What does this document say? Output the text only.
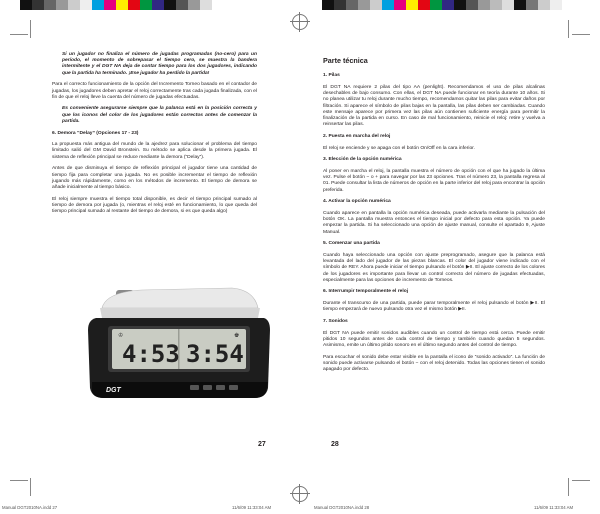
Si un jugador no finaliza el número de jugadas programadas (no-cero) para un período, el momento de sobrepasar el tiempo cero, se muestra la bandera intermitente y el DGT NA deja de contar tiempo para los dos jugadores, indicando que la partida ha terminado. ¡Ese jugador ha perdido la partida!

Para el correcto funcionamiento de la opción del Incremento Torneo basado en el contador de jugadas, los jugadores deben apretar el reloj correctamente tras cada jugada finalizada, con el fin de que el reloj lleve la cuenta del número de jugadas efectuadas.

Es conveniente asegurarse siempre que la palanca está en la posición correcta y que los iconos del color de los jugadores están correctos antes de comenzar la partida.

6. Demora “Delay” (Opciones 17 - 23)

La propuesta más antigua del mundo de la ajedrez para solucionar el problema del tiempo limitado salió del GM David Bronstein. Su método se aplica desde la primera jugada. El sistema de reflexión principal se reduce mediante la demora (“Delay”).

Antes de que disminuya el tiempo de reflexión principal el jugador tiene una cantidad de tiempo fija para completar una jugada. No es posible incrementar el tiempo de reflexión jugando más rápidamente, como en los métodos de incremento. El tiempo de demora se añade inicialmente al tiempo básico.

El reloj siempre muestra el tiempo total disponible, es decir el tiempo principal sumado al tiempo de demora por jugada (o, mientras el reloj esté en funcionamiento, lo que queda del tiempo principal sumado al restante del tiempo de demora, si es que queda algo)

♔	♚
4:53 3:54
DGT
27
Parte técnica

1. Pilas

El DGT NA requiere 2 pilas del tipo AA (penlight). Recomendamos el uso de pilas alcalinas desechables de bajo consumo. Con ellas, el DGT NA puede funcionar en teoría durante 10 años. Si no planea utilizar tu reloj durante mucho tiempo, recomendamos quitar las pilas para evitar daños por filtración. Si aparece el símbolo de pilas bajas en la pantalla, las pilas deben ser cambiadas. Cuando este mensaje aparece por primera vez las pilas aún contienen suficiente energía para permitir la finalización de la partida en curso. En caso de mal funcionamiento, reinicie el reloj: retire y vuelva a reinsertar las pilas.

2. Puesta en marcha del reloj

El reloj se enciende y se apaga con el botón On/Off en la cara inferior.

3. Elección de la opción numérica

Al poner en marcha el reloj, la pantalla muestra el número de opción con el que ha jugado la última vez. Pulse el botón − o + para navegar por las 23 opciones. Tras el número 23, la pantalla regresa al 01. Puede consultar la lista de números de opción en la parte inferior del reloj para encontrar la opción preferida.

4. Activar la opción numérica

Cuando aparece en pantalla la opción numérica deseada, puede activarla mediante la pulsación del botón OK. La pantalla muestra entonces el tiempo inicial por defecto para esta opción. Ya puede empezar la partida. Si ha seleccionado una opción de ajuste manual, consulte el apartado 9, Ajuste Manual.

5. Comenzar una partida

Cuando haya seleccionado una opción con ajuste preprogramado, asegure que la palanca está levantada del lado del jugador de las piezas blancas. El color del jugador viene indicado con el símbolo de REY. Ahora puede iniciar el tiempo pulsando el botón ▶II. El ajuste correcto de los colores de los jugadores es importante para llevar un control correcto del número de jugadas efectuadas, especialmente para las opciones de incremento de Torneos.

6. Interrumpir temporalmente el reloj

Durante el transcurso de una partida, puede parar temporalmente el reloj pulsando el botón ▶II. El tiempo empezará de nuevo pulsando otra vez el mismo botón ▶II.

7. Sonidos

El DGT NA puede emitir sonidos audibles cuando un control de tiempo está cerca. Puede emitir pitidos 10 segundos antes de cada control de tiempo y también cuando quedan 5 segundos. Asimismo, emite un último pitido sonoro en el último segundo antes del control de tiempo.

Para escuchar el sonido debe estar visible en la pantalla el icono de “sonido activado”. La función de sonido puede activarse pulsando el botón − con el reloj detenido. Todas las opciones tienen el sonido apagado por defecto.

28
Manual DGT2010NA.indd 27	11/6/09 11:33:04 AM	Manual DGT2010NA.indd 28	11/6/09 11:33:04 AM
